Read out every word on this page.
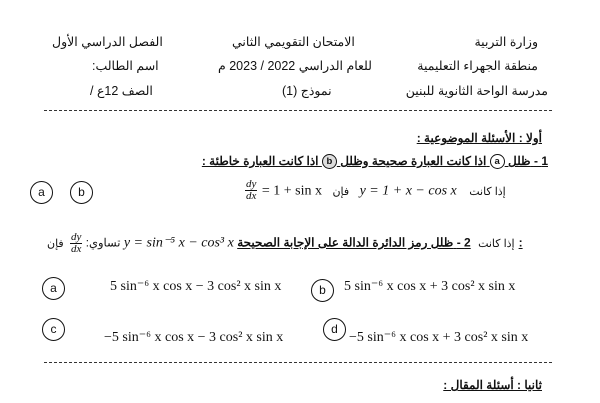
وزارة التربية
منطقة الجهراء التعليمية
مدرسة الواحة الثانوية للبنين
الامتحان التقويمي الثاني
للعام الدراسي 2022 / 2023 م
نموذج (1)
الفصل الدراسي الأول
اسم الطالب:
الصف 12ع /
أولا : الأسئلة الموضوعية :
1 - ظلل a اذا كانت العبارة صحيحة وظلل b اذا كانت العبارة خاطئة :
$\frac{dy}{dx} = 1 + \sin x$ فإن y = 1 + x − cos x إذا كانت
a	b
تساوي:
$\frac{dy}{dx}$
فإن	y = sin⁻⁵ x − cos³ x	إذا كانت 2 - ظلل رمز الدائرة الدالة على الإجابة الصحيحة:
a	5 sin⁻⁶ x cos x − 3 cos² x sin x	b	5 sin⁻⁶ x cos x + 3 cos² x sin x
c
−5 sin⁻⁶ x cos x − 3 cos² x sin x
d
−5 sin⁻⁶ x cos x + 3 cos² x sin x
ثانيا : أسئلة المقال :
